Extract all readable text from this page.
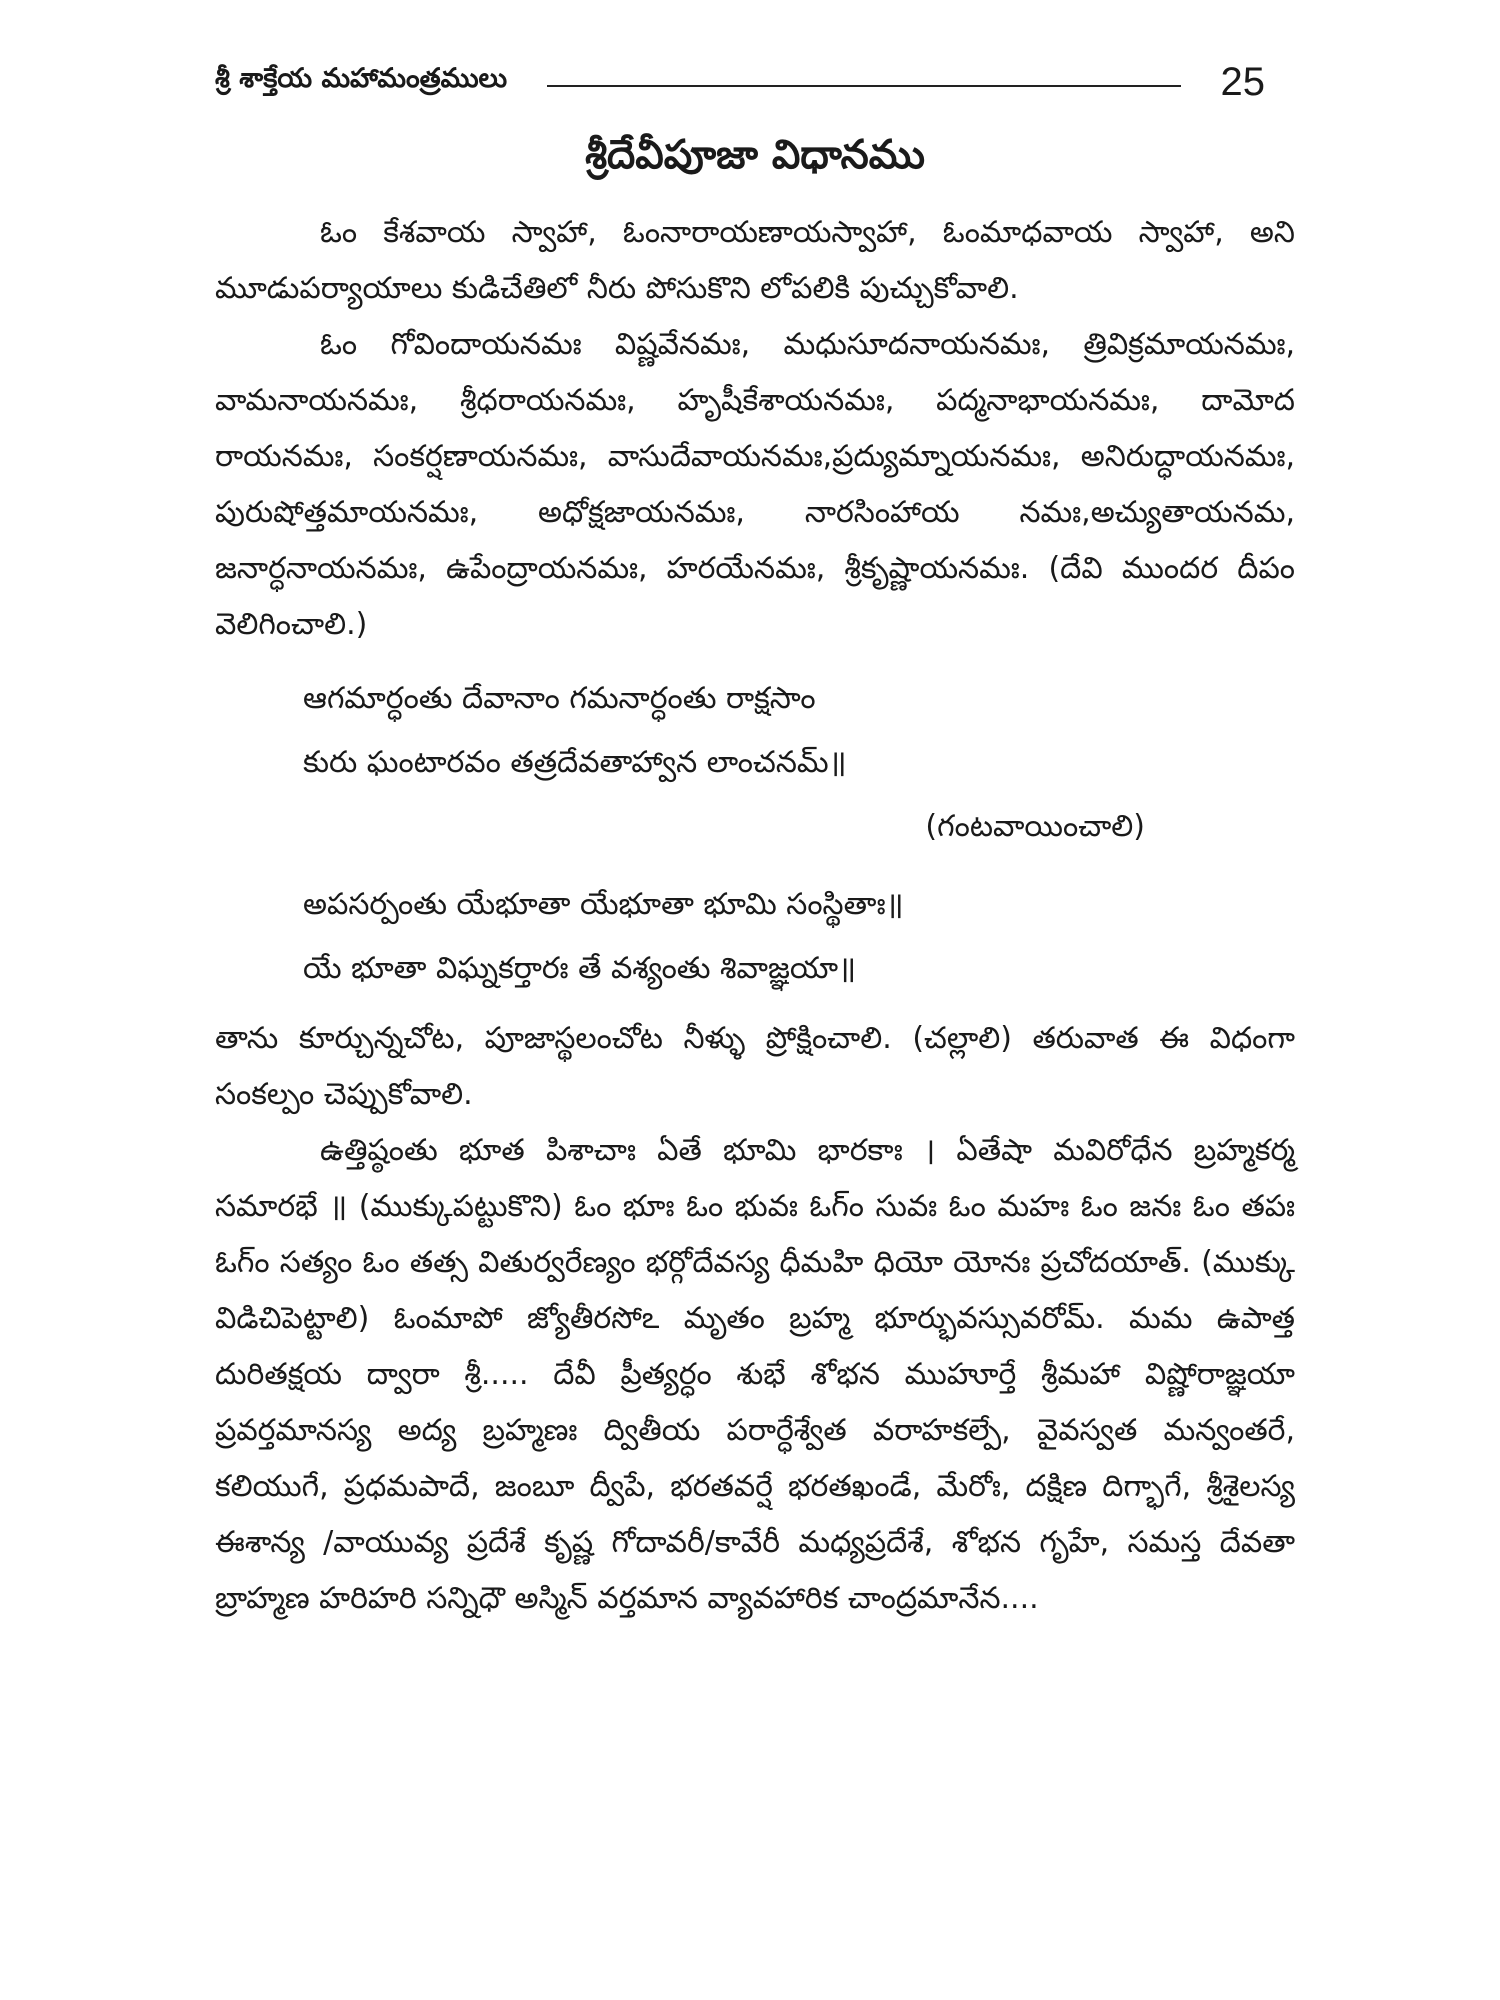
శ్రీ శాక్తేయ మహామంత్రములు	25
శ్రీదేవీపూజా విధానము

ఓం కేశవాయ స్వాహా, ఓంనారాయణాయస్వాహా, ఓంమాధవాయ స్వాహా, అని మూడుపర్యాయాలు కుడిచేతిలో నీరు పోసుకొని లోపలికి పుచ్చుకోవాలి.

ఓం గోవిందాయనమః విష్ణవేనమః, మధుసూదనాయనమః, త్రివిక్రమాయనమః, వామనాయనమః, శ్రీధరాయనమః, హృషీకేశాయనమః, పద్మనాభాయనమః, దామోద రాయనమః, సంకర్షణాయనమః, వాసుదేవాయనమః,ప్రద్యుమ్నాయనమః, అనిరుద్ధాయనమః, పురుషోత్తమాయనమః, అధోక్షజాయనమః, నారసింహాయ నమః,అచ్యుతాయనమ, జనార్ధనాయనమః, ఉపేంద్రాయనమః, హరయేనమః, శ్రీకృష్ణాయనమః. (దేవి ముందర దీపం వెలిగించాలి.)

ఆగమార్ధంతు దేవానాం గమనార్ధంతు రాక్షసాం
కురు ఘంటారవం తత్రదేవతాహ్వాన లాంచనమ్॥
(గంటవాయించాలి)
అపసర్పంతు యేభూతా యేభూతా భూమి సంస్థితాః॥
యే భూతా విఘ్నకర్తారః తే వశ్యంతు శివాజ్ఞయా॥

తాను కూర్చున్నచోట, పూజాస్థలంచోట నీళ్ళు ప్రోక్షించాలి. (చల్లాలి) తరువాత ఈ విధంగా సంకల్పం చెప్పుకోవాలి.

ఉత్తిష్ఠంతు భూత పిశాచాః ఏతే భూమి భారకాః । ఏతేషా మవిరోధేన బ్రహ్మకర్మ సమారభే ॥ (ముక్కుపట్టుకొని) ఓం భూః ఓం భువః ఓగ్ం సువః ఓం మహః ఓం జనః ఓం తపః ఓగ్ం సత్యం ఓం తత్స వితుర్వరేణ్యం భర్గోదేవస్య ధీమహి ధియో యోనః ప్రచోదయాత్. (ముక్కు విడిచిపెట్టాలి) ఓంమాపో జ్యోతీరసోఽ మృతం బ్రహ్మ భూర్భువస్సువరోమ్. మమ ఉపాత్త దురితక్షయ ద్వారా శ్రీ..... దేవీ ప్రీత్యర్ధం శుభే శోభన ముహూర్తే శ్రీమహా విష్ణోరాజ్ఞయా ప్రవర్తమానస్య అద్య బ్రహ్మణః ద్వితీయ పరార్ధేశ్వేత వరాహకల్పే, వైవస్వత మన్వంతరే, కలియుగే, ప్రధమపాదే, జంబూ ద్వీపే, భరతవర్షే భరతఖండే, మేరోః, దక్షిణ దిగ్భాగే, శ్రీశైలస్య ఈశాన్య /వాయువ్య ప్రదేశే కృష్ణ గోదావరీ/కావేరీ మధ్యప్రదేశే, శోభన గృహే, సమస్త దేవతా బ్రాహ్మణ హరిహరి సన్నిధౌ అస్మిన్ వర్తమాన వ్యావహారిక చాంద్రమానేన....
